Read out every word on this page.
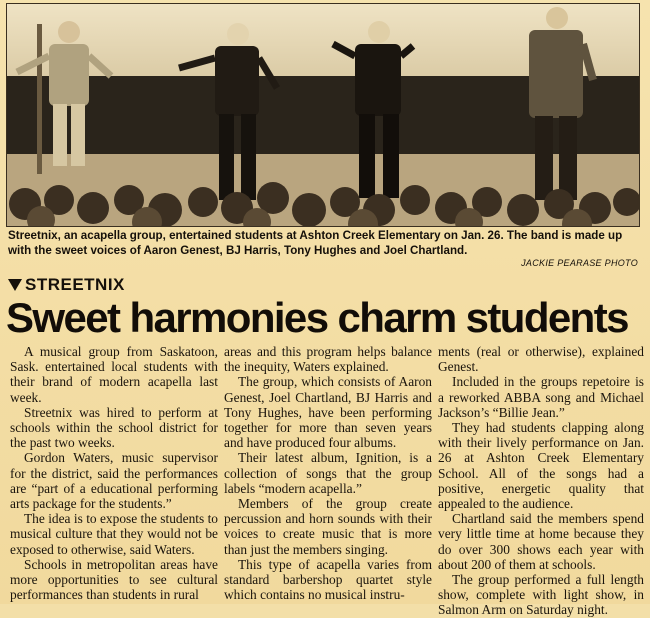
Streetnix, an acapella group, entertained students at Ashton Creek Elementary on Jan. 26. The band is made up with the sweet voices of Aaron Genest, BJ Harris, Tony Hughes and Joel Chartland.
JACKIE PEARASE PHOTO
STREETNIX
Sweet harmonies charm students

A musical group from Saskatoon, Sask. entertained local students with their brand of modern acapella last week.

Streetnix was hired to perform at schools within the school district for the past two weeks.

Gordon Waters, music supervisor for the district, said the performances are “part of a educational performing arts package for the students.”

The idea is to expose the students to musical culture that they would not be exposed to otherwise, said Waters.

Schools in metropolitan areas have more opportunities to see cultural performances than students in rural

areas and this program helps balance the inequity, Waters explained.

The group, which consists of Aaron Genest, Joel Chartland, BJ Harris and Tony Hughes, have been performing together for more than seven years and have produced four albums.

Their latest album, Ignition, is a collection of songs that the group labels “modern acapella.”

Members of the group create percussion and horn sounds with their voices to create music that is more than just the members singing.

This type of acapella varies from standard barbershop quartet style which contains no musical instru-

ments (real or otherwise), explained Genest.

Included in the groups repetoire is a reworked ABBA song and Michael Jackson’s “Billie Jean.”

They had students clapping along with their lively performance on Jan. 26 at Ashton Creek Elementary School. All of the songs had a positive, energetic quality that appealed to the audience.

Chartland said the members spend very little time at home because they do over 300 shows each year with about 200 of them at schools.

The group performed a full length show, complete with light show, in Salmon Arm on Saturday night.
